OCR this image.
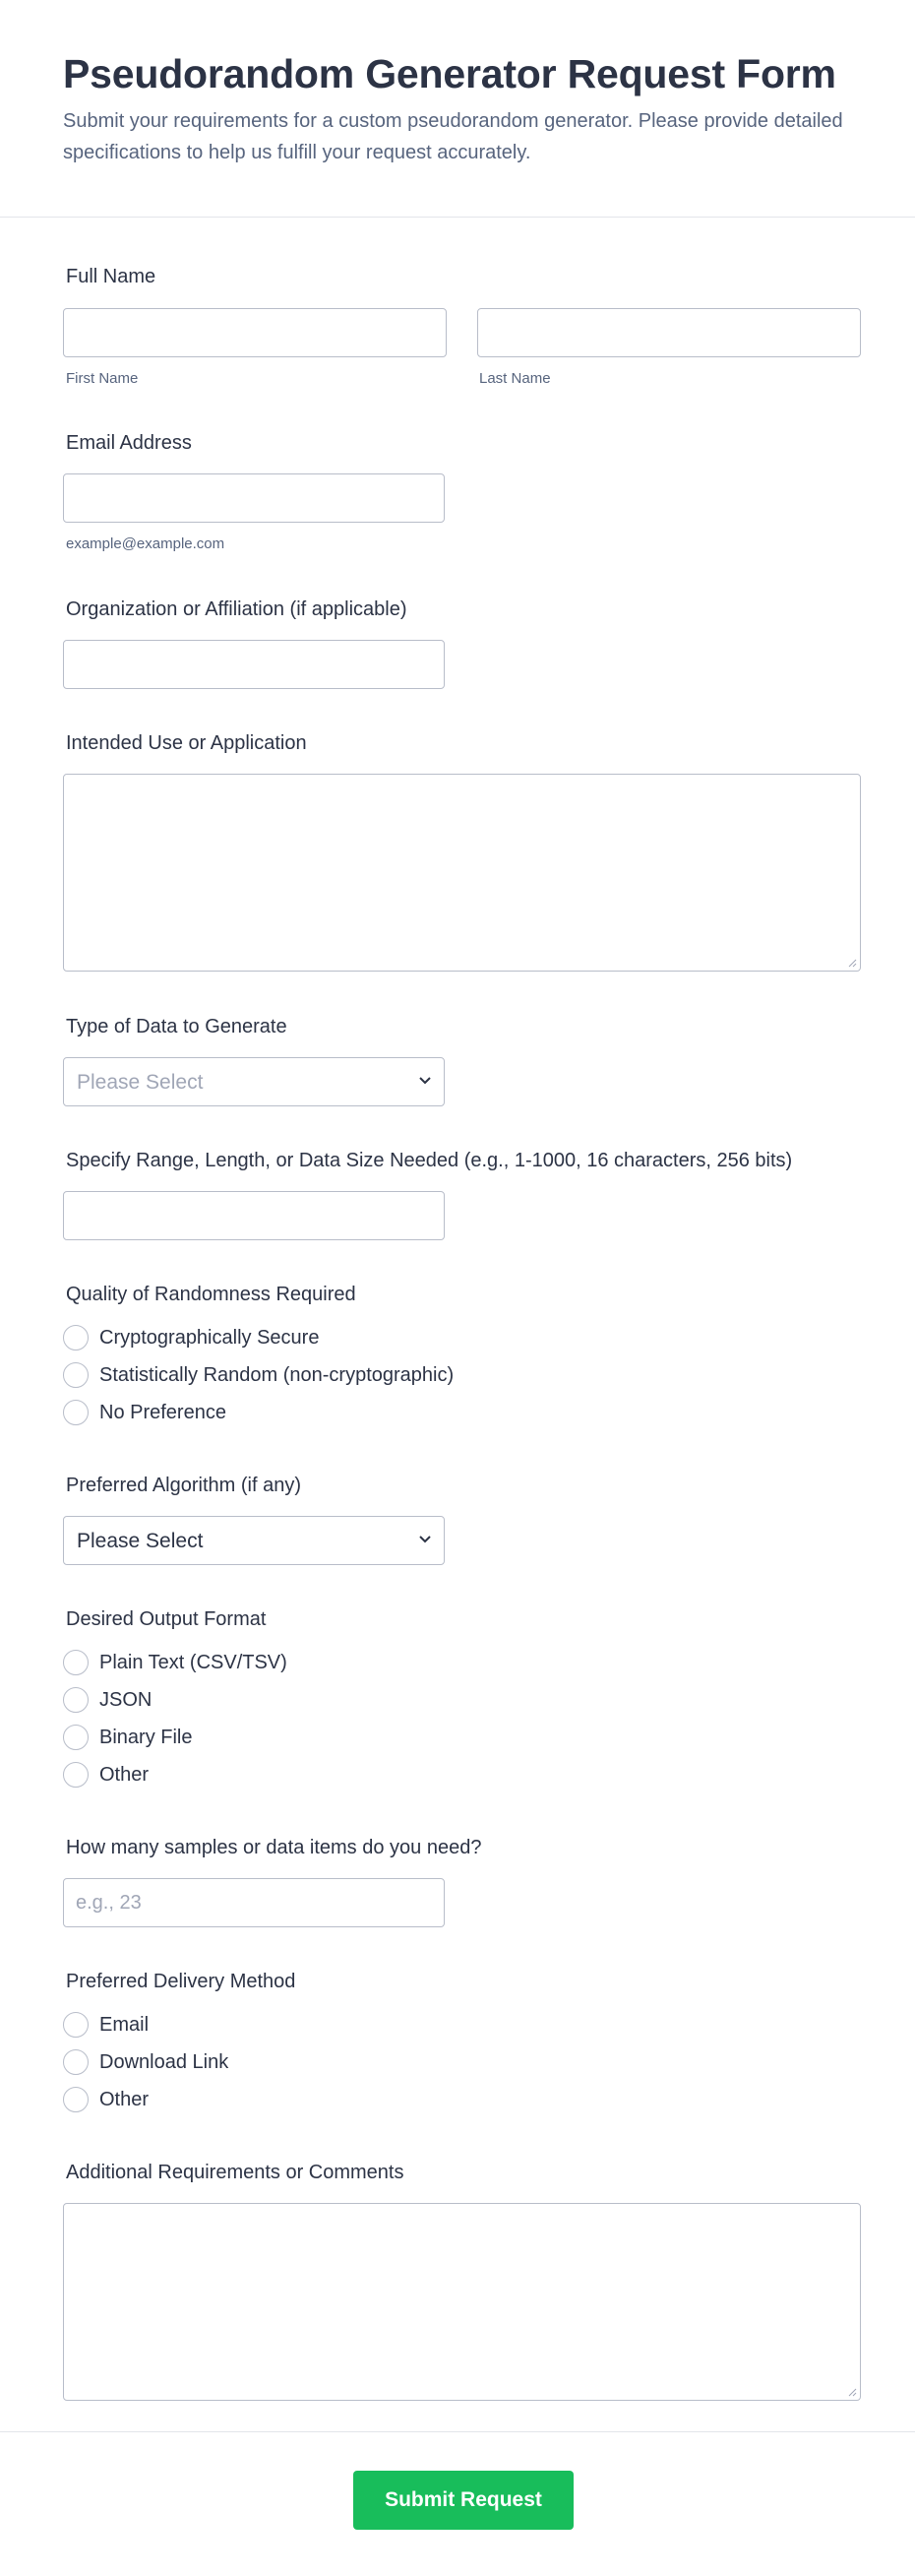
Pseudorandom Generator Request Form
Submit your requirements for a custom pseudorandom generator. Please provide detailed specifications to help us fulfill your request accurately.
Full Name
First Name	Last Name
Email Address
example@example.com
Organization or Affiliation (if applicable)
Intended Use or Application
Type of Data to Generate
Please Select
Specify Range, Length, or Data Size Needed (e.g., 1-1000, 16 characters, 256 bits)
Quality of Randomness Required
Cryptographically Secure
Statistically Random (non-cryptographic)
No Preference
Preferred Algorithm (if any)
Please Select
Desired Output Format
Plain Text (CSV/TSV)
JSON
Binary File
Other
How many samples or data items do you need?
e.g., 23
Preferred Delivery Method
Email
Download Link
Other
Additional Requirements or Comments
Submit Request
